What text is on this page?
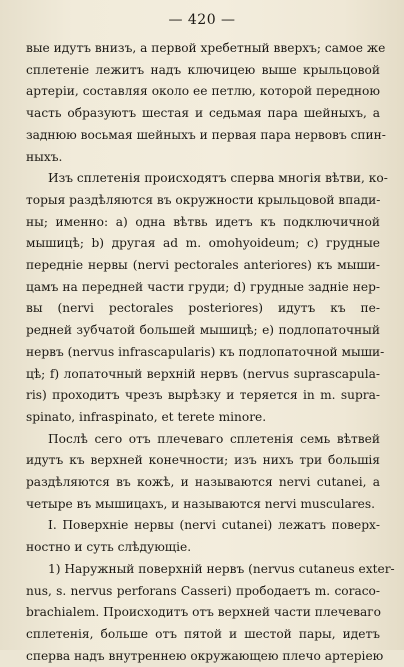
— 420 —

вые идутъ внизъ, а первой хребетный вверхъ; самое же
сплетеніе лежитъ надъ ключицею выше крыльцовой
артеріи, составляя около ее петлю, которой передною
часть образуютъ шестая и седьмая пара шейныхъ, а
заднюю восьмая шейныхъ и первая пара нервовъ спин-
ныхъ.

Изъ сплетенія происходятъ сперва многія вѣтви, ко-
торыя раздѣляются въ окружности крыльцовой впади-
ны; именно: a) одна вѣтвь идетъ къ подключичной
мышицѣ; b) другая ad m. omohyoideum; c) грудные
передніе нервы (nervi pectorales anteriores) къ мыши-
цамъ на передней части груди; d) грудные задніе нер-
вы (nervi pectorales posteriores) идутъ къ пе-
редней зубчатой большей мышицѣ; e) подлопаточный
нервъ (nervus infrascapularis) къ подлопаточной мыши-
цѣ; f) лопаточный верхній нервъ (nervus suprascapula-
ris) проходитъ чрезъ вырѣзку и теряется in m. supra-
spinato, infraspinato, et terete minore.

Послѣ сего отъ плечеваго сплетенія семь вѣтвей
идутъ къ верхней конечности; изъ нихъ три большія
раздѣляются въ кожѣ, и называются nervi cutanei, а
четыре въ мышицахъ, и называются nervi musculares.

I. Поверхніе нервы (nervi cutanei) лежатъ поверх-
ностно и суть слѣдующіе.

1) Наружный поверхній нервъ (nervus cutaneus exter-
nus, s. nervus perforans Casseri) прободаетъ m. coraco-
brachialem. Происходитъ отъ верхней части плечеваго
сплетенія, больше отъ пятой и шестой пары, идетъ
сперва надъ внутреннею окружающею плечо артеріею
